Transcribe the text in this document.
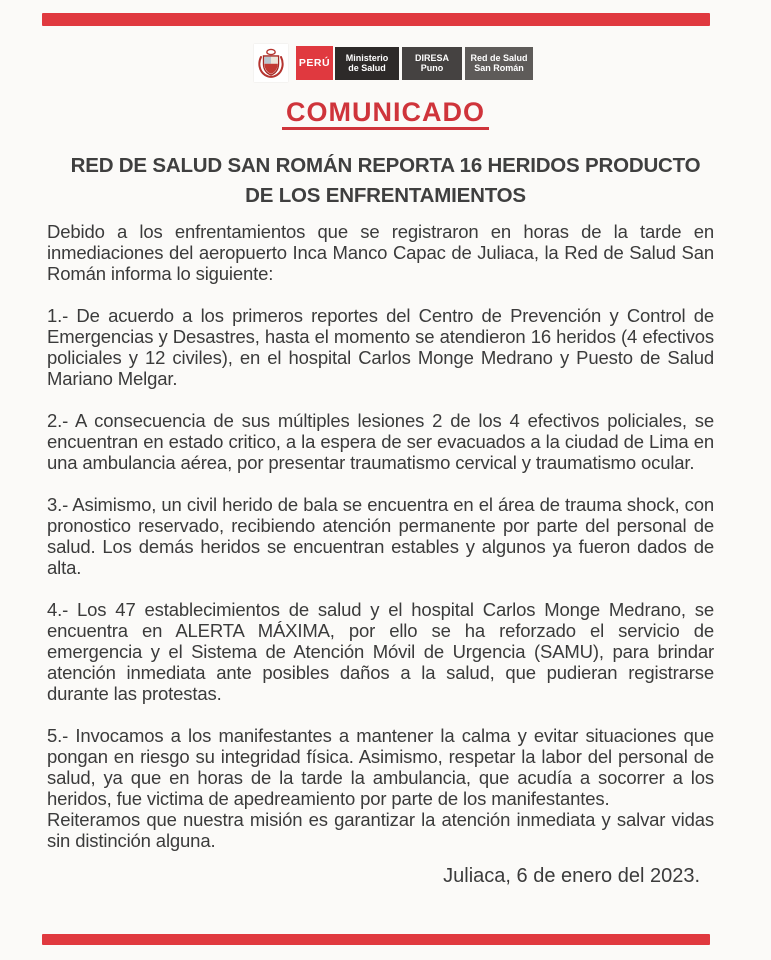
PERÚ Ministerio
de Salud
DIRESA
Puno
Red de Salud
San Román
COMUNICADO
RED DE SALUD SAN ROMÁN REPORTA 16 HERIDOS PRODUCTO
DE LOS ENFRENTAMIENTOS

Debido a los enfrentamientos que se registraron en horas de la tarde en inmediaciones del aeropuerto Inca Manco Capac de Juliaca, la Red de Salud San Román informa lo siguiente:

1.- De acuerdo a los primeros reportes del Centro de Prevención y Control de Emergencias y Desastres, hasta el momento se atendieron 16 heridos (4 efectivos policiales y 12 civiles), en el hospital Carlos Monge Medrano y Puesto de Salud Mariano Melgar.

2.- A consecuencia de sus múltiples lesiones 2 de los 4 efectivos policiales, se encuentran en estado critico, a la espera de ser evacuados a la ciudad de Lima en una ambulancia aérea, por presentar traumatismo cervical y traumatismo ocular.

3.- Asimismo, un civil herido de bala se encuentra en el área de trauma shock, con pronostico reservado, recibiendo atención permanente por parte del personal de salud. Los demás heridos se encuentran estables y algunos ya fueron dados de alta.

4.- Los 47 establecimientos de salud y el hospital Carlos Monge Medrano, se encuentra en ALERTA MÁXIMA, por ello se ha reforzado el servicio de emergencia y el Sistema de Atención Móvil de Urgencia (SAMU), para brindar atención inmediata ante posibles daños a la salud, que pudieran registrarse durante las protestas.

5.- Invocamos a los manifestantes a mantener la calma y evitar situaciones que pongan en riesgo su integridad física. Asimismo, respetar la labor del personal de salud, ya que en horas de la tarde la ambulancia, que acudía a socorrer a los heridos, fue victima de apedreamiento por parte de los manifestantes.

Reiteramos que nuestra misión es garantizar la atención inmediata y salvar vidas sin distinción alguna.

Juliaca, 6 de enero del 2023.
